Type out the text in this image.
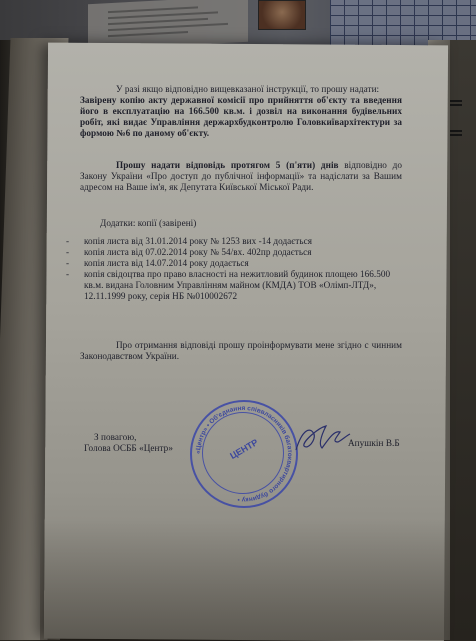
У разі якщо відповідно вищевказаної інструкції, то прошу надати:
Завірену копію акту державної комісії про прийняття об'єкту та введення його в експлуатацію на 166.500 кв.м. і дозвіл на виконання будівельних робіт, які видає Управління держархбудконтролю Головкиївархітектури за формою №6 по даному об'єкту.
Прошу надати відповідь протягом 5 (п'яти) днів відповідно до Закону України «Про доступ до публічної інформації» та надіслати за Вашим адресом на Ваше ім'я, як Депутата Київської Міської Ради.
Додатки: копії (завірені)
- копія листа від 31.01.2014 року № 1253 вих -14 додається
- копія листа від 07.02.2014 року № 54/вх. 402пр додається
- копія листа від 14.07.2014 року додається
- копія свідоцтва про право власності на нежитловий будинок площею 166.500 кв.м. видана Головним Управлінням майном (КМДА) ТОВ «Олімп-ЛТД», 12.11.1999 року, серія НБ №010002672
Про отримання відповіді прошу проінформувати мене згідно с чинним Законодавством України.
З повагою,
Голова ОСББ «Центр»	Апушкін В.Б
«Центр» • Об'єднання співвласників багатоквартирного будинку •
ЦЕНТР
